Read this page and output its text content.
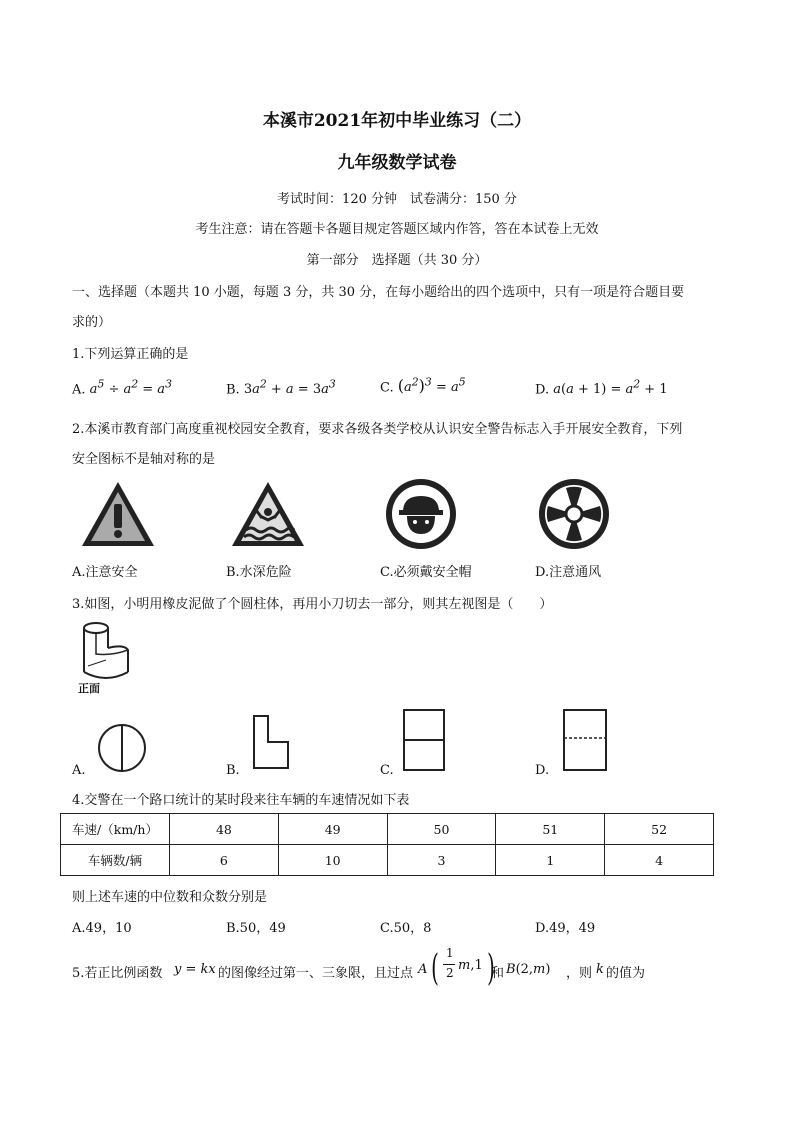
本溪市2021年初中毕业练习（二）
九年级数学试卷
考试时间：120 分钟　试卷满分：150 分
考生注意：请在答题卡各题目规定答题区域内作答，答在本试卷上无效
第一部分　选择题（共 30 分）
一、选择题（本题共 10 小题，每题 3 分，共 30 分，在每小题给出的四个选项中，只有一项是符合题目要
求的）
1.下列运算正确的是
A. $a^5 \div a^2 = a^3$	B. $3a^2 + a = 3a^3$	C. $(a^2)^3 = a^5$	D. $a(a + 1) = a^2 + 1$
2.本溪市教育部门高度重视校园安全教育，要求各级各类学校从认识安全警告标志入手开展安全教育，下列
安全图标不是轴对称的是
A.注意安全	B.水深危险	C.必须戴安全帽	D.注意通风
3.如图，小明用橡皮泥做了个圆柱体，再用小刀切去一部分，则其左视图是（　　）
正面
A.	B.	C.	D.
4.交警在一个路口统计的某时段来往车辆的车速情况如下表
车速/（km/h）	48	49	50	51	52
车辆数/辆	6	10	3	1	4
则上述车速的中位数和众数分别是
A.49，10	B.50，49	C.50，8	D.49，49
5.若正比例函数 y = kx 的图像经过第一、三象限，且过点 A ( 1
2 m,1 )
和 B(2,m) ，则 k 的值为
